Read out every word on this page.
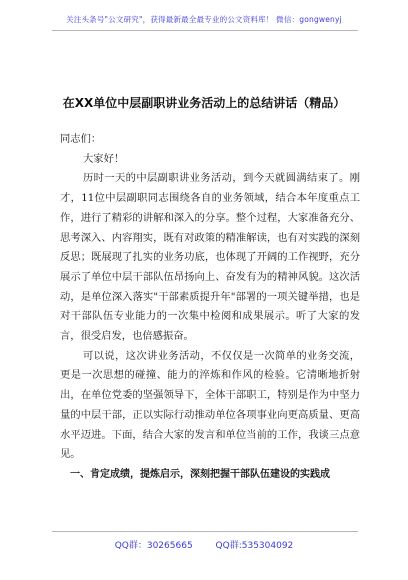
关注头条号"公文研究"，获得最新最全最专业的公文资料库！ 微信：gongwenyj
在XX单位中层副职讲业务活动上的总结讲话（精品）

同志们：

大家好！

历时一天的中层副职讲业务活动，到今天就圆满结束了。刚才，11位中层副职同志围绕各自的业务领域，结合本年度重点工作，进行了精彩的讲解和深入的分享。整个过程，大家准备充分、思考深入、内容翔实，既有对政策的精准解读，也有对实践的深刻反思；既展现了扎实的业务功底，也体现了开阔的工作视野，充分展示了单位中层干部队伍昂扬向上、奋发有为的精神风貌。这次活动，是单位深入落实"干部素质提升年"部署的一项关键举措，也是对干部队伍专业能力的一次集中检阅和成果展示。听了大家的发言，很受启发，也倍感振奋。

可以说，这次讲业务活动，不仅仅是一次简单的业务交流，更是一次思想的碰撞、能力的淬炼和作风的检验。它清晰地折射出，在单位党委的坚强领导下，全体干部职工，特别是作为中坚力量的中层干部，正以实际行动推动单位各项事业向更高质量、更高水平迈进。下面，结合大家的发言和单位当前的工作，我谈三点意见。

一、肯定成绩，提炼启示，深刻把握干部队伍建设的实践成

QQ群：30265665	QQ群:535304092
